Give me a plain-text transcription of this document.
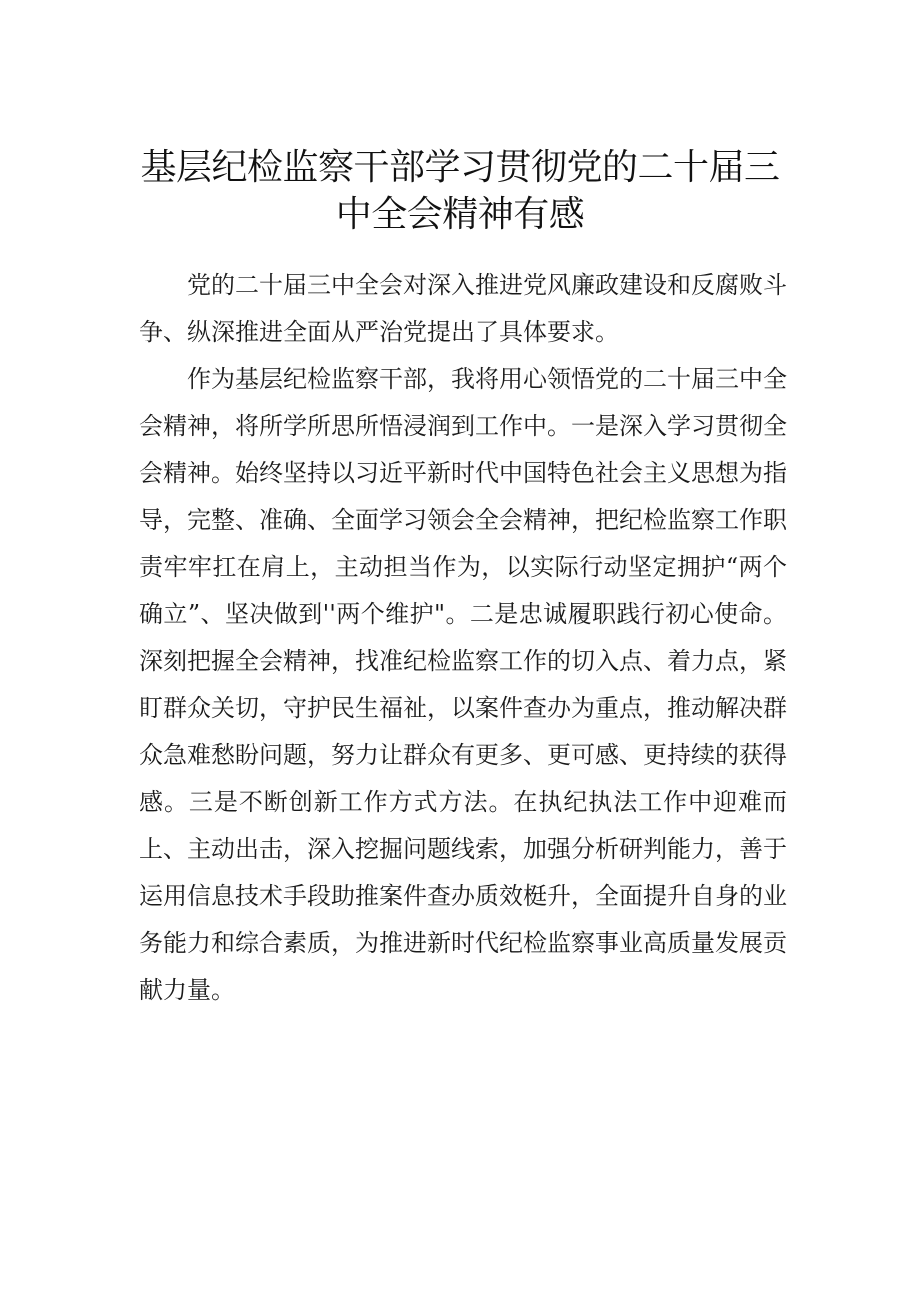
基层纪检监察干部学习贯彻党的二十届三
中全会精神有感

党的二十届三中全会对深入推进党风廉政建设和反腐败斗争、纵深推进全面从严治党提出了具体要求。

作为基层纪检监察干部，我将用心领悟党的二十届三中全会精神，将所学所思所悟浸润到工作中。一是深入学习贯彻全会精神。始终坚持以习近平新时代中国特色社会主义思想为指导，完整、准确、全面学习领会全会精神，把纪检监察工作职责牢牢扛在肩上，主动担当作为，以实际行动坚定拥护“两个确立”、坚决做到''两个维护"。二是忠诚履职践行初心使命。深刻把握全会精神，找准纪检监察工作的切入点、着力点，紧盯群众关切，守护民生福祉，以案件查办为重点，推动解决群众急难愁盼问题，努力让群众有更多、更可感、更持续的获得感。三是不断创新工作方式方法。在执纪执法工作中迎难而上、主动出击，深入挖掘问题线索，加强分析研判能力，善于运用信息技术手段助推案件查办质效梃升，全面提升自身的业务能力和综合素质，为推进新时代纪检监察事业高质量发展贡献力量。
